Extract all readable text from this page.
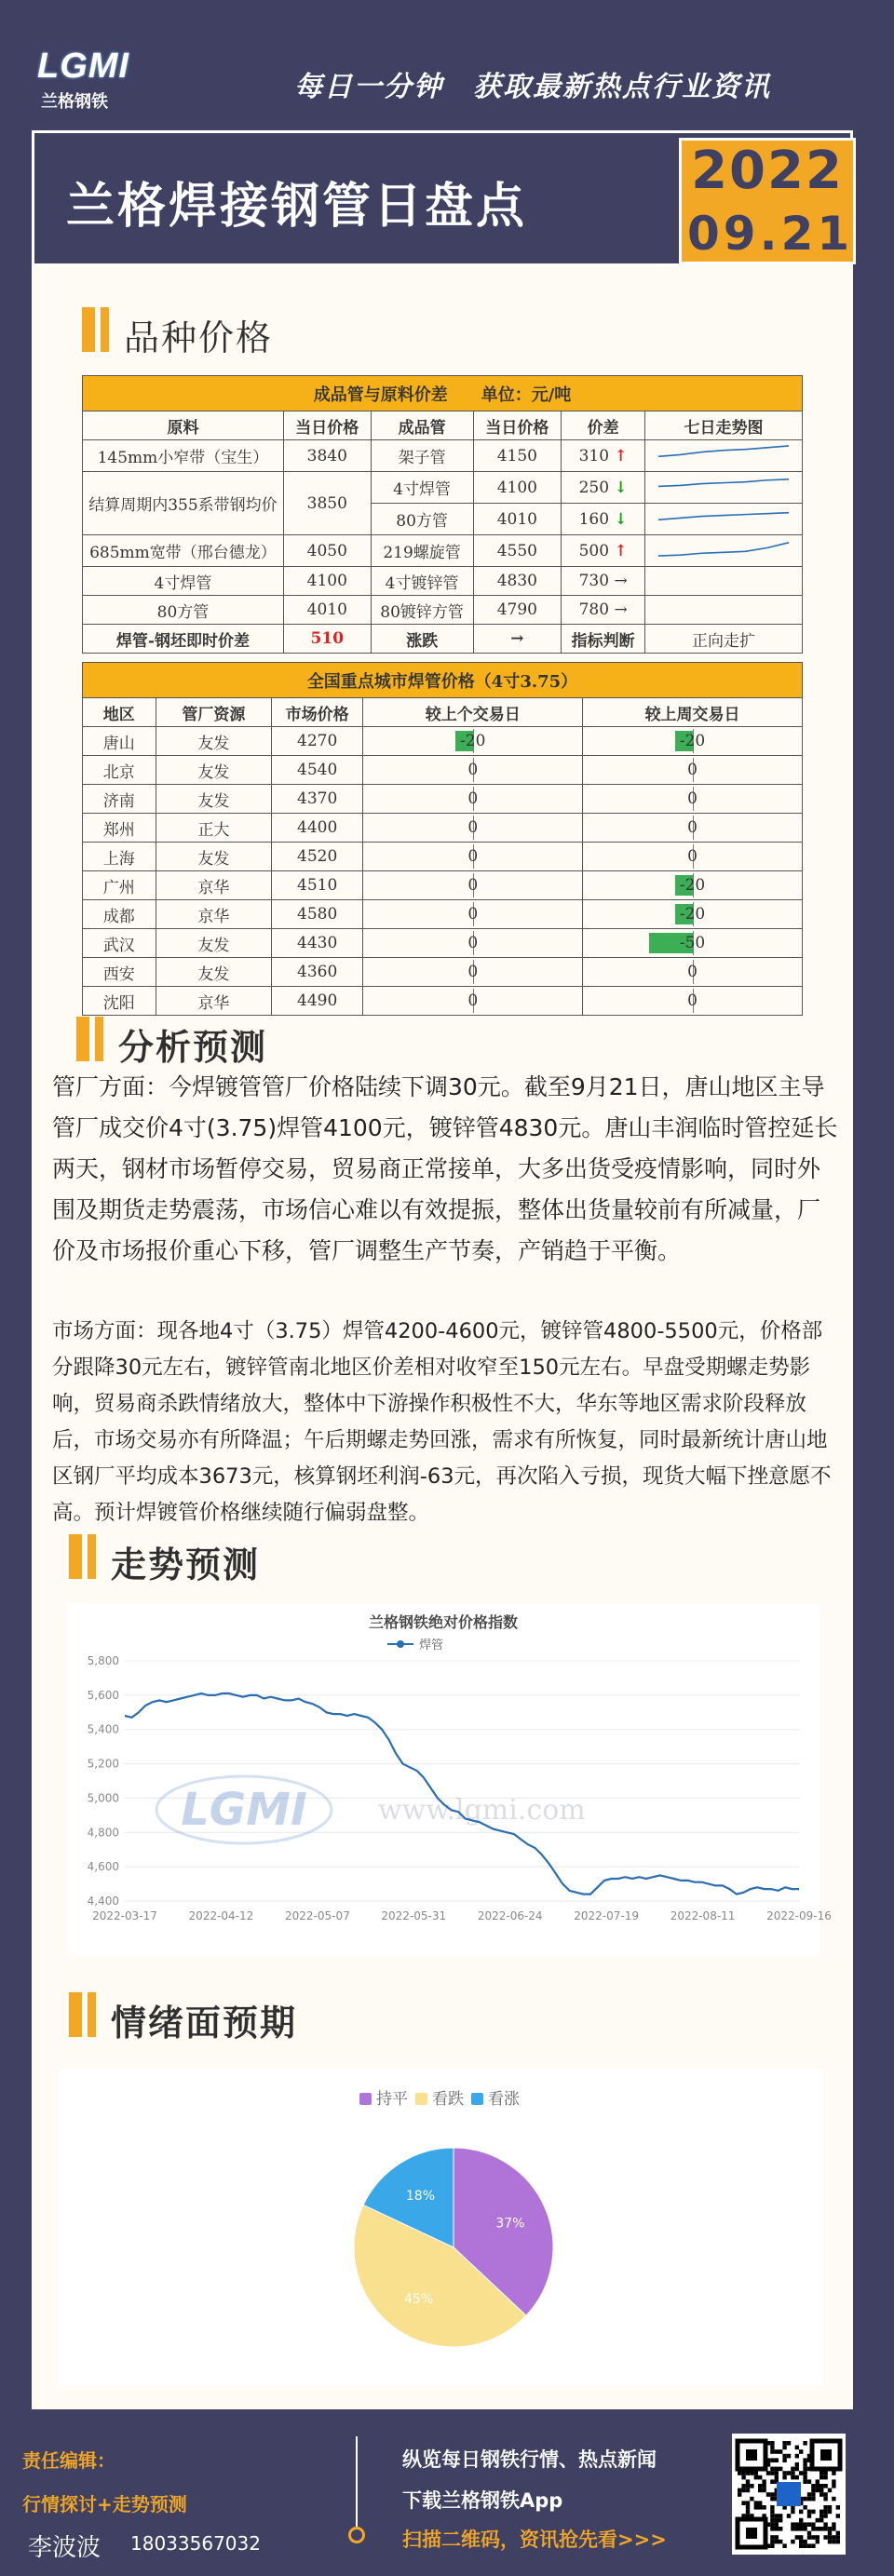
LGMI
兰格钢铁	每日一分钟　获取最新热点行业资讯
兰格焊接钢管日盘点
2022
09.21
品种价格
成品管与原料价差　　单位：元/吨					
原料	当日价格	成品管	当日价格	价差	七日走势图
145mm小窄带（宝生）	3840	架子管	4150	310 ↑	
结算周期内355系带钢均价	3850	4寸焊管	4100	250 ↓	
		80方管	4010	160 ↓	
685mm宽带（邢台德龙）	4050	219螺旋管	4550	500 ↑	
4寸焊管	4100	4寸镀锌管	4830	730 →	
80方管	4010	80镀锌方管	4790	780 →	
焊管-钢坯即时价差	510	涨跌	→	指标判断	正向走扩
全国重点城市焊管价格（4寸3.75）				
地区	管厂资源	市场价格	较上个交易日	较上周交易日
唐山	友发	4270	-20	-20
北京	友发	4540	0	0
济南	友发	4370	0	0
郑州	正大	4400	0	0
上海	友发	4520	0	0
广州	京华	4510	0	-20
成都	京华	4580	0	-20
武汉	友发	4430	0	-50
西安	友发	4360	0	0
沈阳	京华	4490	0	0
分析预测

管厂方面：今焊镀管管厂价格陆续下调30元。截至9月21日，唐山地区主导管厂成交价4寸(3.75)焊管4100元，镀锌管4830元。唐山丰润临时管控延长两天，钢材市场暂停交易，贸易商正常接单，大多出货受疫情影响，同时外围及期货走势震荡，市场信心难以有效提振，整体出货量较前有所减量，厂价及市场报价重心下移，管厂调整生产节奏，产销趋于平衡。

市场方面：现各地4寸（3.75）焊管4200-4600元，镀锌管4800-5500元，价格部分跟降30元左右，镀锌管南北地区价差相对收窄至150元左右。早盘受期螺走势影响，贸易商杀跌情绪放大，整体中下游操作积极性不大，华东等地区需求阶段释放后，市场交易亦有所降温；午后期螺走势回涨，需求有所恢复，同时最新统计唐山地区钢厂平均成本3673元，核算钢坯利润-63元，再次陷入亏损，现货大幅下挫意愿不高。预计焊镀管价格继续随行偏弱盘整。

走势预测
兰格钢铁绝对价格指数
焊管
5,800
5,600
5,400
5,200
5,000
4,800
4,600
4,400
2022-03-17	2022-04-12	2022-05-07	2022-05-31	2022-06-24	2022-07-19	2022-08-11	2022-09-16
LGMI	www.lgmi.com
情绪面预期
持平 看跌 看涨
37%
45%
18%
责任编辑：
行情探讨+走势预测
李波波 18033567032
纵览每日钢铁行情、热点新闻
下载兰格钢铁App
扫描二维码，资讯抢先看>>>
